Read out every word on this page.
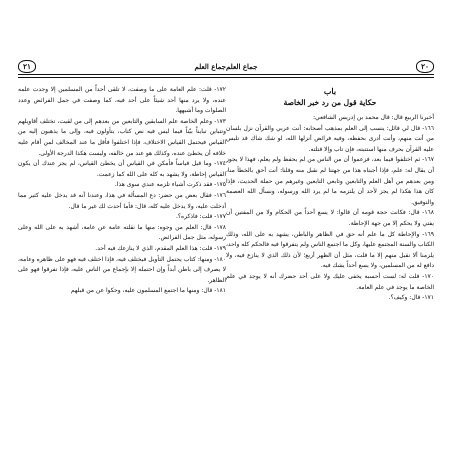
جماع العلم
٢١

١٧٢- قلت: علم العامة على ما وصفت، لا تلقى أحداً من المسلمين إلا وجدت علمه عنده، ولا يرد منها أحد شيئاً على أحد فيه، كما وصفت في جمل الفرائض وعدد الصلوات وما أشبهها.

١٧٣- وعلم الخاصة علم السابقين والتابعين من بعدهم إلى من لقيت، تختلف أقاويلهم وتتباين تبايناً بيّناً فيما ليس فيه نص كتاب، يتأولون فيه، وإلى ما يذهبون إليه من القياس فيحتمل القياس الاختلاف، فإذا اختلفوا فأقل ما عند المخالف لمن أقام عليه خلافه أن يخطئ عنده، وكذلك هو عند من خالفه، وليست هكذا الدرجة الأولى.

١٧٤- وما قيل قياساً فأمكن في القياس أن يخطئ القياس، لم يجز عندك أن يكون القياس إحاطة، ولا يشهد به كله على الله كما زعمت.

١٧٥- فقد ذكرت أشياء تلزمه عندي سوى هذا.

١٧٦- فقال بعض من حضر: دع المسألة في هذا، وعندنا أنه قد يدخل عليه كثير مما أدخلت عليه، ولا يدخل عليه كله، قال: فأما أحدث لك غير ما قال.

١٧٧- قلت: فاذكره؟.

١٧٨- قال: العلم من وجوه: منها ما نقلته عامة عن عامة، أشهد به على الله وعلى رسوله، مثل جمل الفرائض.

١٧٩- قلت: هذا العلم المقدم، الذي لا ينازعك فيه أحد.

١٨٠- ومنها: كتاب يحتمل التأويل فيختلف فيه، فإذا اختلف فيه فهو على ظاهره وعامه، لا يصرف إلى باطن أبداً وإن احتمله إلا بإجماع من الناس عليه، فإذا تفرقوا فهو على الظاهر.

١٨١- قال: ومنها ما اجتمع المسلمون عليه، وحكوا عن من قبلهم

جماع العلم	٢٠
باب
حكاية قول من رد خبر الخاصة

أخبرنا الربيع قال: قال محمد بن إدريس الشافعي:

١٦٦- قال لي قائل: ينسب إلى العلم بمذهب أصحابه: أنت عربي والقرآن نزل بلسان من أنت منهم، وأنت أدرى بحفظه، وفيه فرائض أنزلها الله، لو شك شاك قد تلبس عليه القرآن بحرف منها استتبته، فإن تاب وإلا قتلته.

١٦٧- ثم اختلفوا فيما بعد، فزعموا أن من الناس من لم يحفظ ولم يعلم، فهذا لا يجوز أن يقال له: علم، فإذا أجبناه هذا من جهتنا لم نقبل منه وقلنا: أنت أحق بالخطأ منا، ومن بعدهم من أهل العلم والتابعين وتابعي التابعين وغيرهم من حملة الحديث، فإذا كان هذا هكذا لم يجز لأحد أن يلتزمه ما لم يرد الله ورسوله، ونسأل الله العصمة والتوفيق.

١٦٨- قال: فكانت حجة قومه أن قالوا: لا يسع أحداً من الحكام ولا من المفتين أن يفتي ولا يحكم إلا من جهة الإحاطة.

١٦٩- والإحاطة كل ما علم أنه حق في الظاهر والباطن، يشهد به على الله، وذلك الكتاب والسنة المجتمع عليها، وكل ما اجتمع الناس ولم يتفرقوا فيه فالحكم كله واحد، يلزمنا ألا نقبل منهم إلا ما قلت، مثل أن الظهر أربع؛ لأن ذلك الذي لا ينازع فيه، ولا دافع له من المسلمين، ولا يسع أحداً يشك فيه.

١٧٠- قلت له: لست أحسبه يخفى عليك ولا على أحد حضرك أنه لا يوجد في علم الخاصة ما يوجد في علم العامة.

١٧١- قال: وكيف؟.
